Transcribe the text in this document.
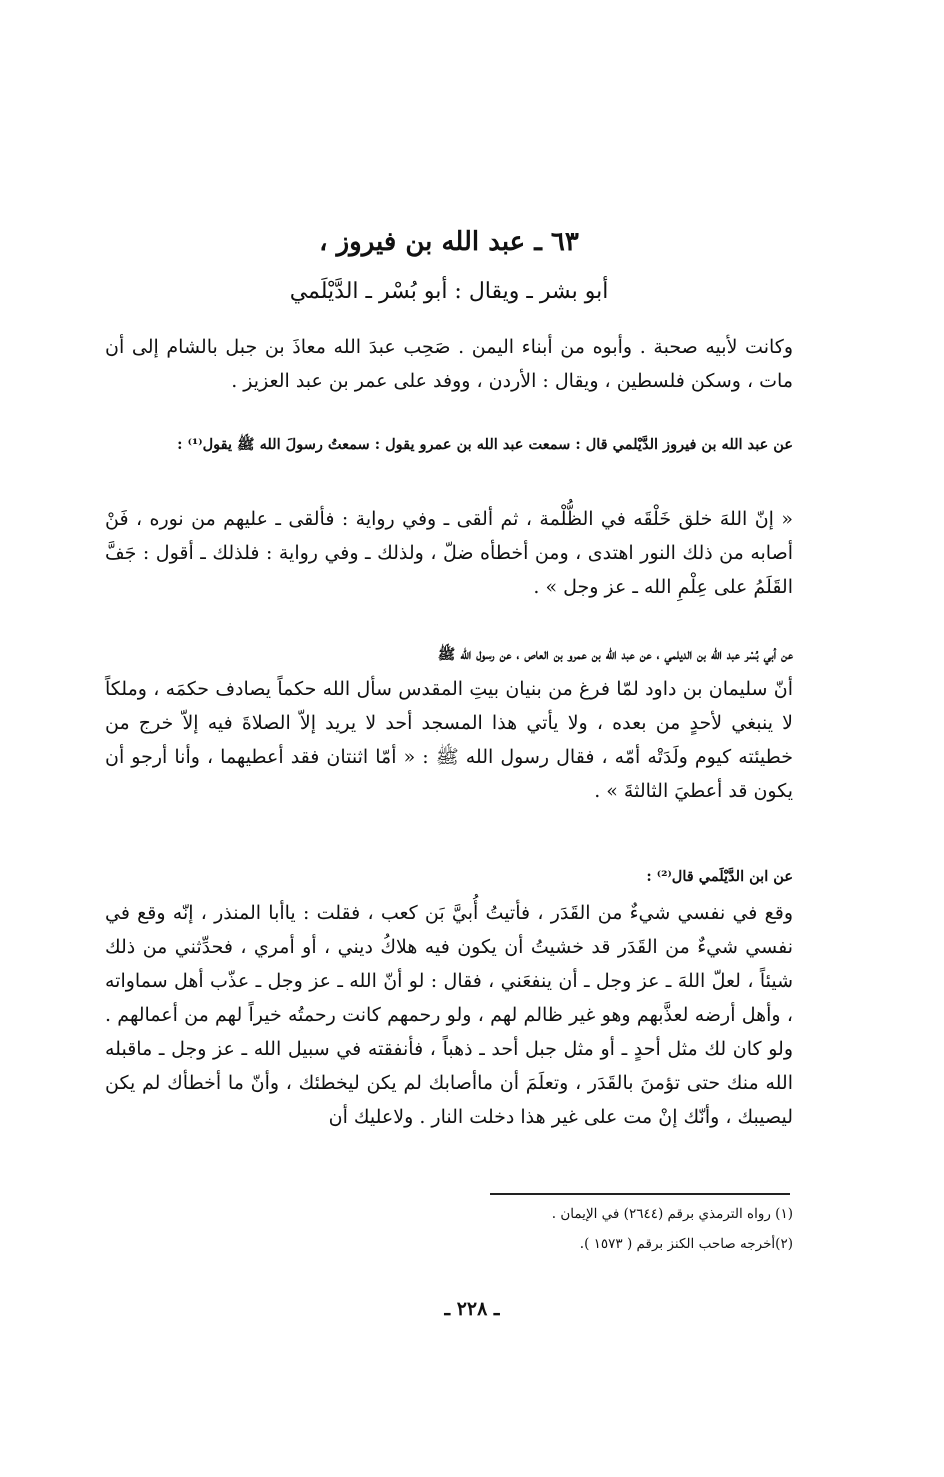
٦٣ ـ عبد الله بن فيروز ،
أبو بشر ـ ويقال : أبو بُسْر ـ الدَّيْلَمي
وكانت لأبيه صحبة . وأبوه من أبناء اليمن . صَحِب عبدَ الله معاذَ بن جبل بالشام إلى أن مات ، وسكن فلسطين ، ويقال : الأردن ، ووفد على عمر بن عبد العزيز .
عن عبد الله بن فيروز الدَّيْلمي قال : سمعت عبد الله بن عمرو يقول : سمعتُ رسولَ الله ﷺ يقول⁽¹⁾ :
« إنّ اللهَ خلق خَلْقَه في الظُّلْمة ، ثم ألقى ـ وفي رواية : فألقى ـ عليهم من نوره ، فَنْ أصابه من ذلك النور اهتدى ، ومن أخطأه ضلّ ، ولذلك ـ وفي رواية : فلذلك ـ أقول : جَفَّ القَلَمُ على عِلْمِ الله ـ عز وجل » .
عن أبي بُسْر عبد الله بن الديلمي ، عن عبد الله بن عمرو بن العاص ، عن رسول الله ﷺ
أنّ سليمان بن داود لمّا فرغ من بنيان بيتِ المقدس سأل الله حكماً يصادف حكمَه ، وملكاً لا ينبغي لأحدٍ من بعده ، ولا يأتي هذا المسجد أحد لا يريد إلاّ الصلاةَ فيه إلاّ خرج من خطيئته كيوم ولَدَتْه أمّه ، فقال رسول الله ﷺ : « أمّا اثنتان فقد أعطيهما ، وأنا أرجو أن يكون قد أعطيَ الثالثةَ » .
عن ابن الدَّيْلَمي قال⁽²⁾ :
وقع في نفسي شيءٌ من القَدَر ، فأتيتُ أُبيَّ بَن كعب ، فقلت : ياأبا المنذر ، إنّه وقع في نفسي شيءٌ من القَدَر قد خشيتُ أن يكون فيه هلاكُ ديني ، أو أمري ، فحدِّثني من ذلك شيئاً ، لعلّ اللهَ ـ عز وجل ـ أن ينفعَني ، فقال : لو أنّ الله ـ عز وجل ـ عذّب أهل سماواته ، وأهل أرضه لعذَّبهم وهو غير ظالم لهم ، ولو رحمهم كانت رحمتُه خيراً لهم من أعمالهم . ولو كان لك مثل أحدٍ ـ أو مثل جبل أحد ـ ذهباً ، فأنفقته في سبيل الله ـ عز وجل ـ ماقبله الله منك حتى تؤمنَ بالقَدَر ، وتعلَمَ أن ماأصابك لم يكن ليخطئك ، وأنّ ما أخطأك لم يكن ليصيبك ، وأنّك إنْ مت على غير هذا دخلت النار . ولاعليك أن
(١) رواه الترمذي برقم (٢٦٤٤) في الإيمان .
(٢)أخرجه صاحب الكنز برقم ( ١٥٧٣ ).
ـ ٢٢٨ ـ
